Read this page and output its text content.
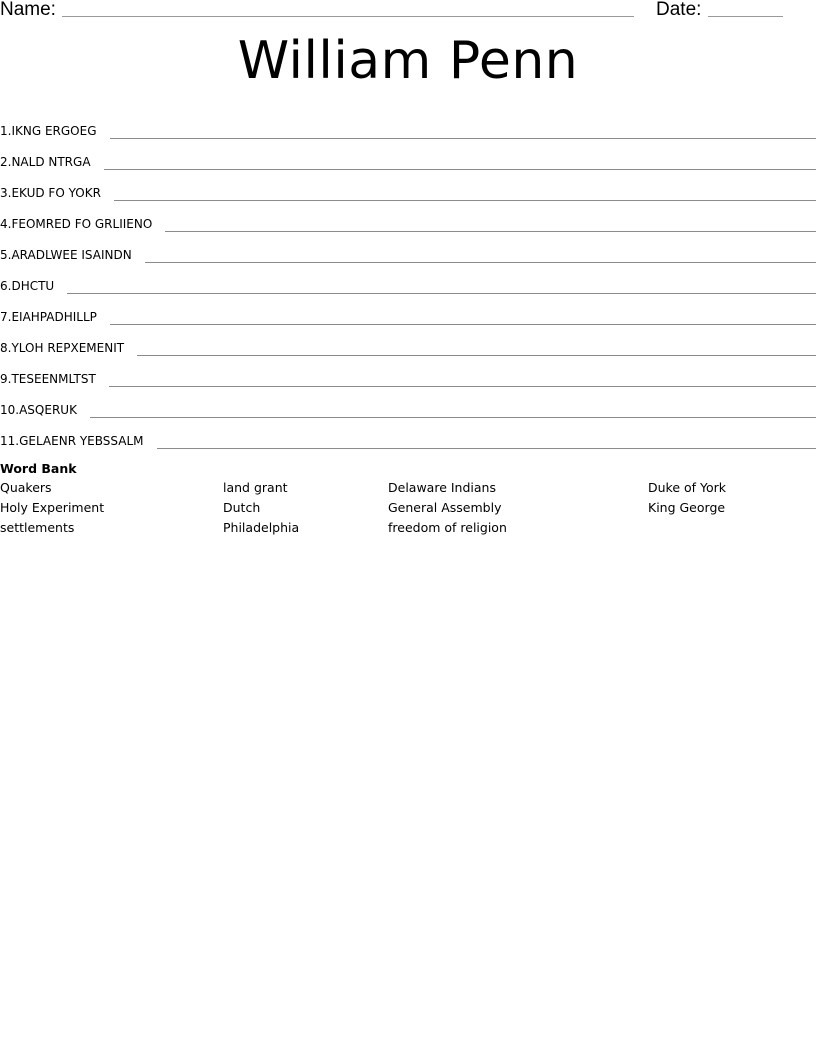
Name:	Date:
William Penn
1. IKNG ERGOEG
2. NALD NTRGA
3. EKUD FO YOKR
4. FEOMRED FO GRLIIENO
5. ARADLWEE ISAINDN
6. DHCTU
7. EIAHPADHILLP
8. YLOH REPXEMENIT
9. TESEENMLTST
10. ASQERUK
11. GELAENR YEBSSALM
Word Bank
Quakers
Holy Experiment
settlements
land grant
Dutch
Philadelphia
Delaware Indians
General Assembly
freedom of religion
Duke of York
King George
